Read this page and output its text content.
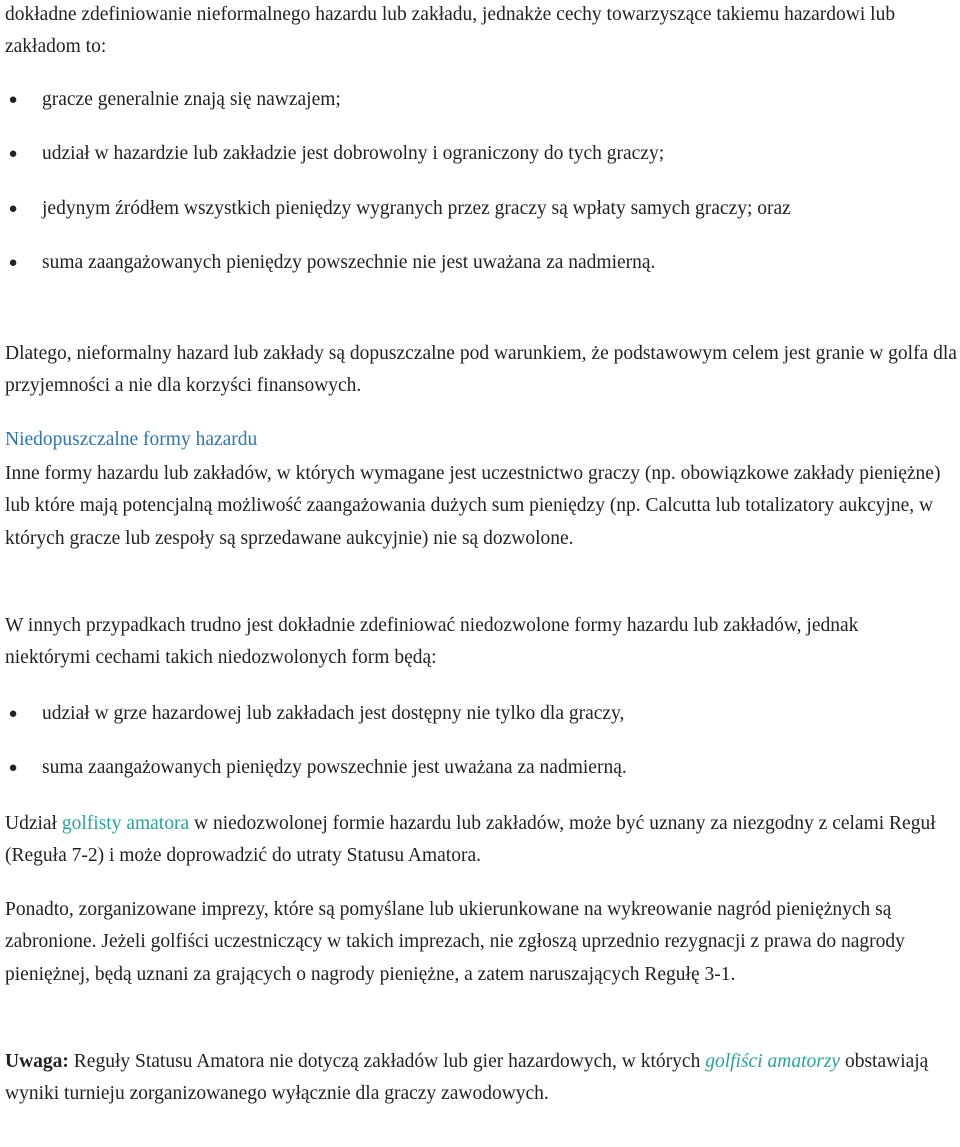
dokładne zdefiniowanie nieformalnego hazardu lub zakładu, jednakże cechy towarzyszące takiemu hazardowi lub zakładom to:

● gracze generalnie znają się nawzajem;
● udział w hazardzie lub zakładzie jest dobrowolny i ograniczony do tych graczy;
● jedynym źródłem wszystkich pieniędzy wygranych przez graczy są wpłaty samych graczy; oraz
● suma zaangażowanych pieniędzy powszechnie nie jest uważana za nadmierną.

Dlatego, nieformalny hazard lub zakłady są dopuszczalne pod warunkiem, że podstawowym celem jest granie w golfa dla przyjemności a nie dla korzyści finansowych.

Niedopuszczalne formy hazardu

Inne formy hazardu lub zakładów, w których wymagane jest uczestnictwo graczy (np. obowiązkowe zakłady pieniężne) lub które mają potencjalną możliwość zaangażowania dużych sum pieniędzy (np. Calcutta lub totalizatory aukcyjne, w których gracze lub zespoły są sprzedawane aukcyjnie) nie są dozwolone.

W innych przypadkach trudno jest dokładnie zdefiniować niedozwolone formy hazardu lub zakładów, jednak niektórymi cechami takich niedozwolonych form będą:

● udział w grze hazardowej lub zakładach jest dostępny nie tylko dla graczy,
● suma zaangażowanych pieniędzy powszechnie jest uważana za nadmierną.

Udział golfisty amatora w niedozwolonej formie hazardu lub zakładów, może być uznany za niezgodny z celami Reguł (Reguła 7-2) i może doprowadzić do utraty Statusu Amatora.

Ponadto, zorganizowane imprezy, które są pomyślane lub ukierunkowane na wykreowanie nagród pieniężnych są zabronione. Jeżeli golfiści uczestniczący w takich imprezach, nie zgłoszą uprzednio rezygnacji z prawa do nagrody pieniężnej, będą uznani za grających o nagrody pieniężne, a zatem naruszających Regułę 3-1.

Uwaga: Reguły Statusu Amatora nie dotyczą zakładów lub gier hazardowych, w których golfiści amatorzy obstawiają wyniki turnieju zorganizowanego wyłącznie dla graczy zawodowych.
